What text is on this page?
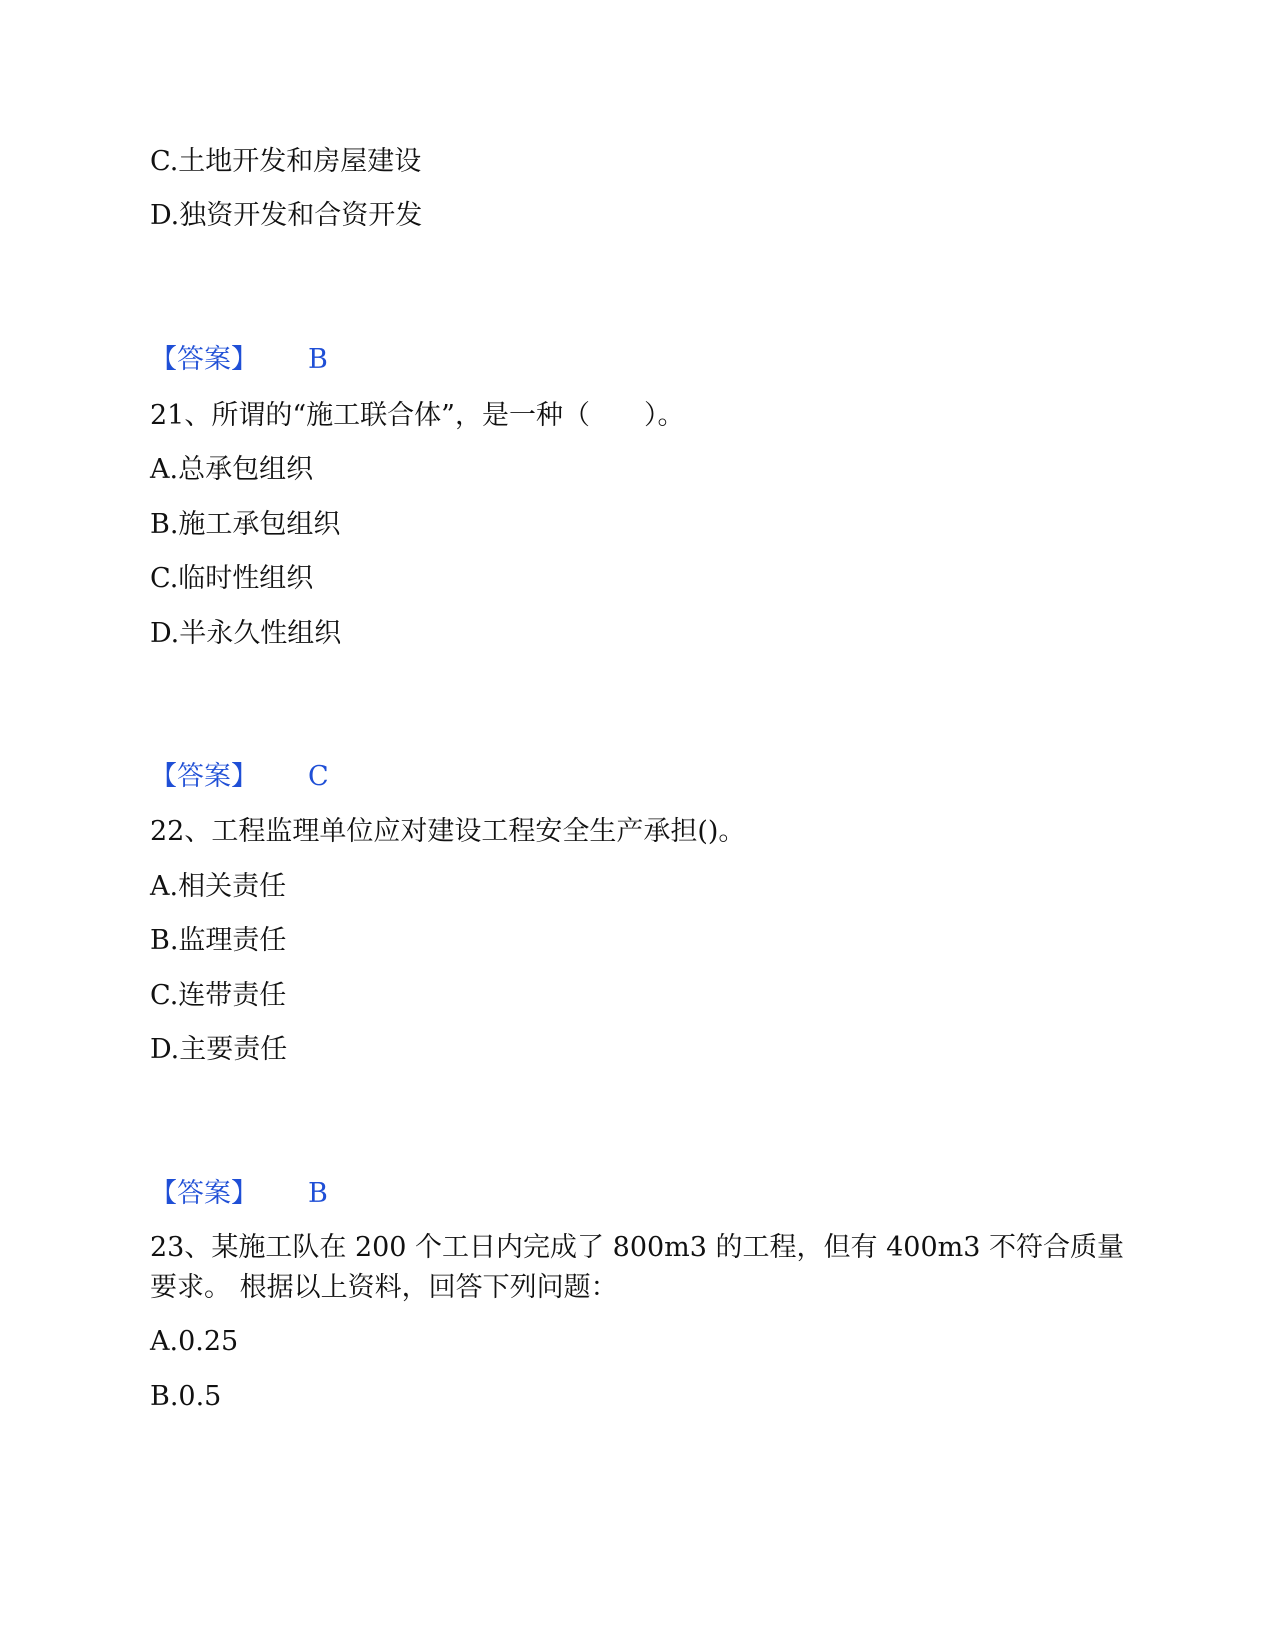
C.土地开发和房屋建设
D.独资开发和合资开发
【答案】 B
21、所谓的“施工联合体”，是一种（　　）。
A.总承包组织
B.施工承包组织
C.临时性组织
D.半永久性组织
【答案】 C
22、工程监理单位应对建设工程安全生产承担()。
A.相关责任
B.监理责任
C.连带责任
D.主要责任
【答案】 B
23、某施工队在 200 个工日内完成了 800m3 的工程，但有 400m3 不符合质量
要求。 根据以上资料，回答下列问题：
A.0.25
B.0.5
